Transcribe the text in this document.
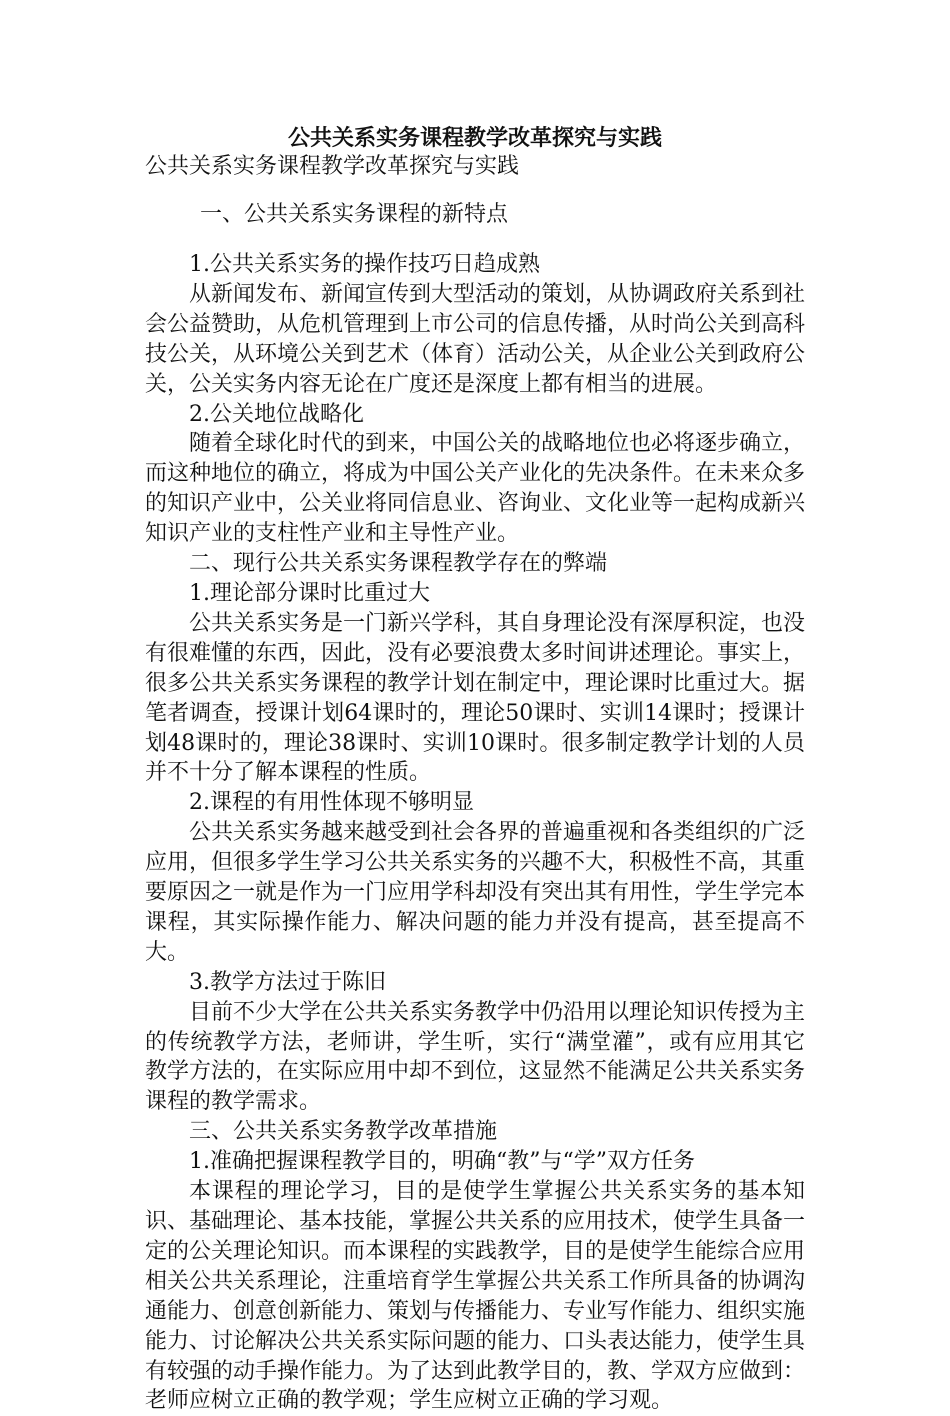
公共关系实务课程教学改革探究与实践
公共关系实务课程教学改革探究与实践
一、公共关系实务课程的新特点

1.公共关系实务的操作技巧日趋成熟

从新闻发布、新闻宣传到大型活动的策划，从协调政府关系到社会公益赞助，从危机管理到上市公司的信息传播，从时尚公关到高科技公关，从环境公关到艺术（体育）活动公关，从企业公关到政府公关，公关实务内容无论在广度还是深度上都有相当的进展。

2.公关地位战略化

随着全球化时代的到来，中国公关的战略地位也必将逐步确立，而这种地位的确立，将成为中国公关产业化的先决条件。在未来众多的知识产业中，公关业将同信息业、咨询业、文化业等一起构成新兴知识产业的支柱性产业和主导性产业。

二、现行公共关系实务课程教学存在的弊端

1.理论部分课时比重过大

公共关系实务是一门新兴学科，其自身理论没有深厚积淀，也没有很难懂的东西，因此，没有必要浪费太多时间讲述理论。事实上，很多公共关系实务课程的教学计划在制定中，理论课时比重过大。据笔者调查，授课计划64课时的，理论50课时、实训14课时；授课计划48课时的，理论38课时、实训10课时。很多制定教学计划的人员并不十分了解本课程的性质。

2.课程的有用性体现不够明显

公共关系实务越来越受到社会各界的普遍重视和各类组织的广泛应用，但很多学生学习公共关系实务的兴趣不大，积极性不高，其重要原因之一就是作为一门应用学科却没有突出其有用性，学生学完本课程，其实际操作能力、解决问题的能力并没有提高，甚至提高不大。

3.教学方法过于陈旧

目前不少大学在公共关系实务教学中仍沿用以理论知识传授为主的传统教学方法，老师讲，学生听，实行“满堂灌”，或有应用其它教学方法的，在实际应用中却不到位，这显然不能满足公共关系实务课程的教学需求。

三、公共关系实务教学改革措施

1.准确把握课程教学目的，明确“教”与“学”双方任务

本课程的理论学习，目的是使学生掌握公共关系实务的基本知识、基础理论、基本技能，掌握公共关系的应用技术，使学生具备一定的公关理论知识。而本课程的实践教学，目的是使学生能综合应用相关公共关系理论，注重培育学生掌握公共关系工作所具备的协调沟通能力、创意创新能力、策划与传播能力、专业写作能力、组织实施能力、讨论解决公共关系实际问题的能力、口头表达能力，使学生具有较强的动手操作能力。为了达到此教学目的，教、学双方应做到：老师应树立正确的教学观；学生应树立正确的学习观。
